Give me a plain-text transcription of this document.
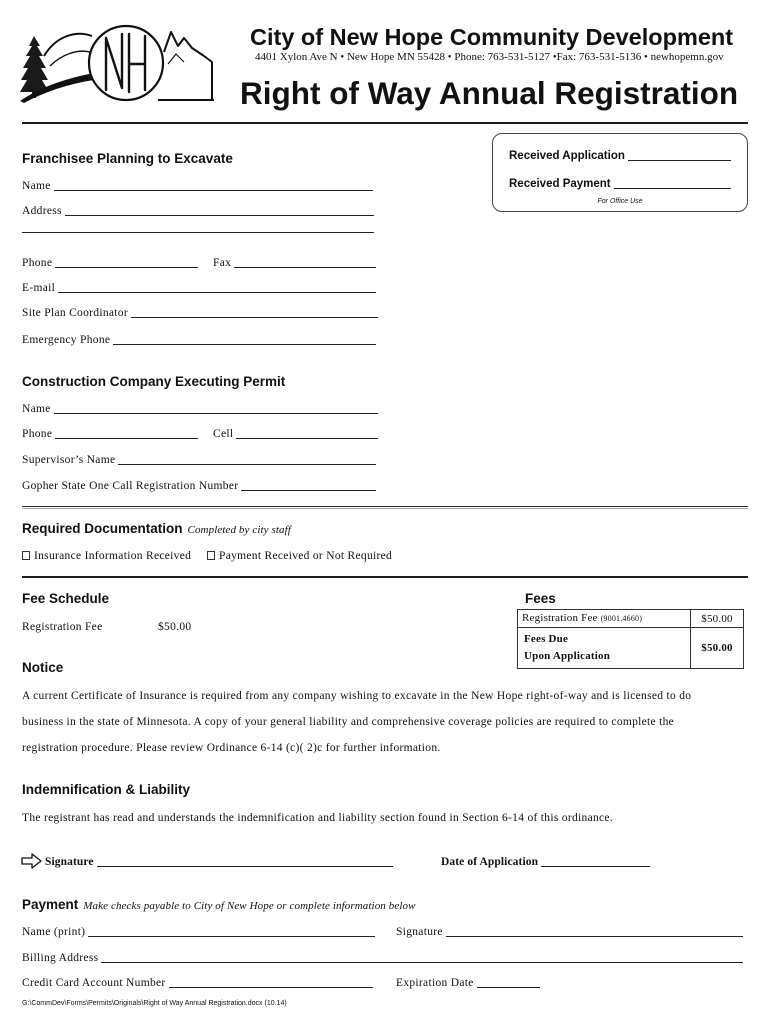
City of New Hope Community Development
4401 Xylon Ave N • New Hope MN 55428 • Phone: 763-531-5127 •Fax: 763-531-5136 • newhopemn.gov
Right of Way Annual Registration
Received Application
Received Payment
For Office Use
Franchisee Planning to Excavate
Name
Address
Phone	Fax
E-mail
Site Plan Coordinator
Emergency Phone
Construction Company Executing Permit
Name
Phone	Cell
Supervisor’s Name
Gopher State One Call Registration Number
Required Documentation Completed by city staff
Insurance Information Received Payment Received or Not Required
Fee Schedule	Fees
Registration Fee	$50.00
Registration Fee (9001.4660)	$50.00

Fees Due
Upon Application	$50.00
Notice
A current Certificate of Insurance is required from any company wishing to excavate in the New Hope right-of-way and is licensed to do
business in the state of Minnesota. A copy of your general liability and comprehensive coverage policies are required to complete the
registration procedure. Please review Ordinance 6-14 (c)( 2)c for further information.
Indemnification & Liability
The registrant has read and understands the indemnification and liability section found in Section 6-14 of this ordinance.
Signature	Date of Application
Payment Make checks payable to City of New Hope or complete information below
Name (print)	Signature
Billing Address
Credit Card Account Number	Expiration Date
G:\CommDev\Forms\Permits\Originals\Right of Way Annual Registration.docx (10.14)
